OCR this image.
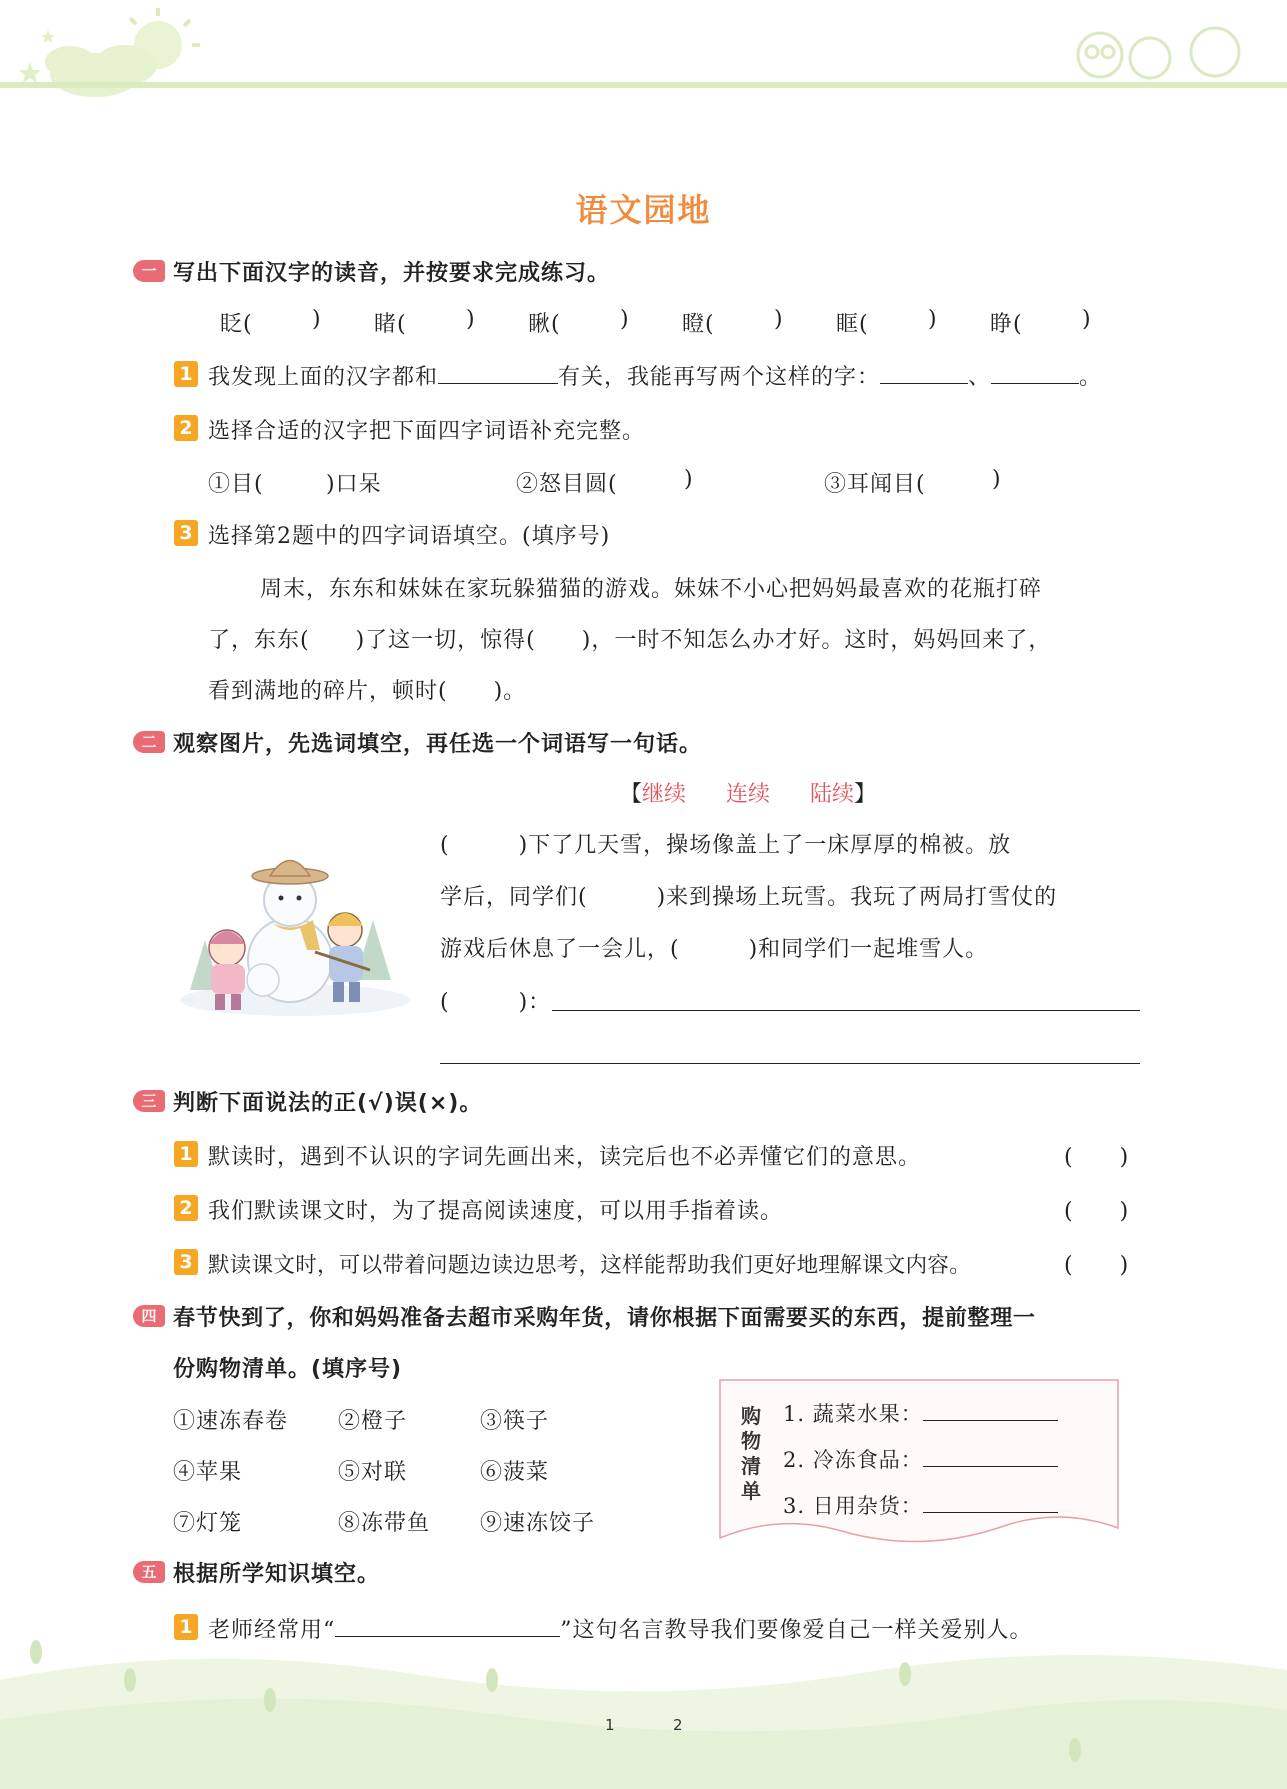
语文园地
一 写出下面汉字的读音，并按要求完成练习。
眨(	) 睹(	) 瞅(	) 瞪(	) 眶(	) 睁(	)
1 我发现上面的汉字都和	有关，我能再写两个这样的字：	、	。
2 选择合适的汉字把下面四字词语补充完整。
①目(	)口呆	②怒目圆(	)	③耳闻目(	)
3 选择第2题中的四字词语填空。(填序号)
周末，东东和妹妹在家玩躲猫猫的游戏。妹妹不小心把妈妈最喜欢的花瓶打碎
了，东东(　　)了这一切，惊得(　　)，一时不知怎么办才好。这时，妈妈回来了，
看到满地的碎片，顿时(　　)。
二 观察图片，先选词填空，再任选一个词语写一句话。
【继续 连续 陆续】
(　　　)下了几天雪，操场像盖上了一床厚厚的棉被。放
学后，同学们(　　　)来到操场上玩雪。我玩了两局打雪仗的
游戏后休息了一会儿，(　　　)和同学们一起堆雪人。
(　　　)：
三 判断下面说法的正(√)误(×)。
1 默读时，遇到不认识的字词先画出来，读完后也不必弄懂它们的意思。	(　　)
2 我们默读课文时，为了提高阅读速度，可以用手指着读。	(　　)
3 默读课文时，可以带着问题边读边思考，这样能帮助我们更好地理解课文内容。	(　　)
四 春节快到了，你和妈妈准备去超市采购年货，请你根据下面需要买的东西，提前整理一
份购物清单。(填序号)
①速冻春卷 ②橙子	③筷子
④苹果	⑤对联	⑥菠菜
⑦灯笼	⑧冻带鱼 ⑨速冻饺子
购
物
清
单
1. 蔬菜水果：
2. 冷冻食品：
3. 日用杂货：
五 根据所学知识填空。
1 老师经常用“	”这句名言教导我们要像爱自己一样关爱别人。
1	2
